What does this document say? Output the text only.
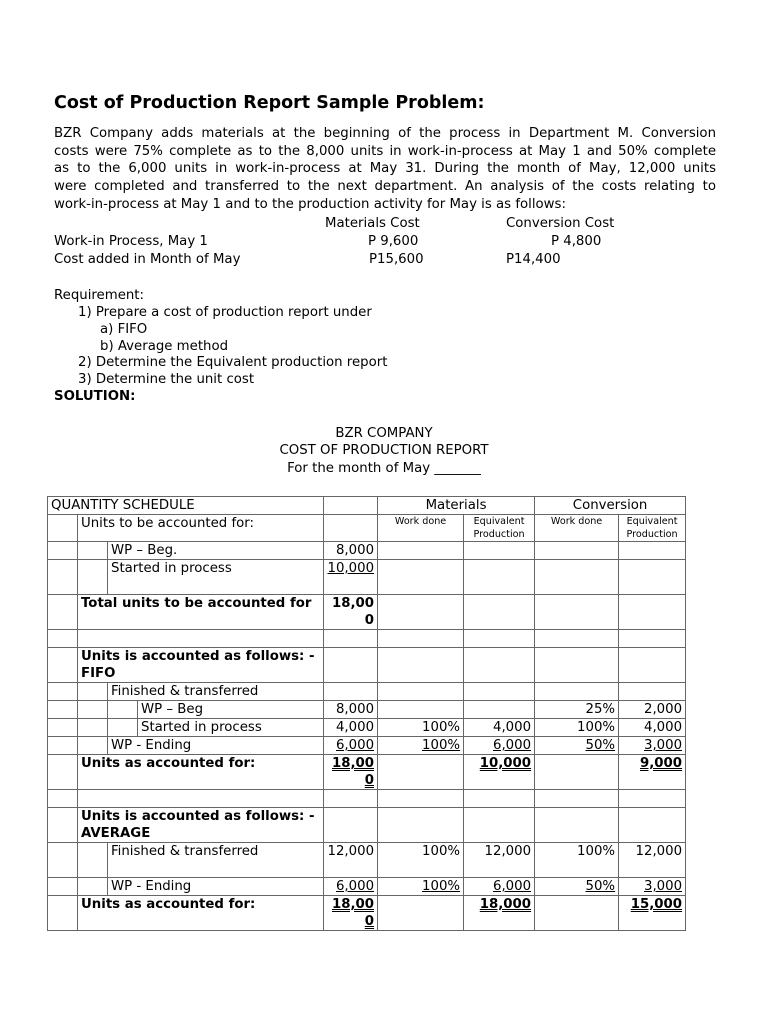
Cost of Production Report Sample Problem:
BZR Company adds materials at the beginning of the process in Department M. Conversion
costs were 75% complete as to the 8,000 units in work-in-process at May 1 and 50% complete
as to the 6,000 units in work-in-process at May 31. During the month of May, 12,000 units
were completed and transferred to the next department. An analysis of the costs relating to
work-in-process at May 1 and to the production activity for May is as follows:
Materials Cost	Conversion Cost
Work-in Process, May 1	P 9,600	P 4,800
Cost added in Month of May	P15,600	P14,400
Requirement:
1) Prepare a cost of production report under
a) FIFO
b) Average method
2) Determine the Equivalent production report
3) Determine the unit cost
SOLUTION:
BZR COMPANY
COST OF PRODUCTION REPORT
For the month of May _______
QUANTITY SCHEDULE					Materials		Conversion	
	Units to be accounted for:				Work done	Equivalent Production	Work done	Equivalent Production
		WP – Beg.		8,000				
		Started in process		10,000				
	Total units to be accounted for			18,000				

	Units is accounted as follows: - FIFO							
		Finished & transferred						
			WP – Beg	8,000			25%	2,000
			Started in process	4,000	100%	4,000	100%	4,000
		WP - Ending		6,000	100%	6,000	50%	3,000
	Units as accounted for:			18,000		10,000		9,000

	Units is accounted as follows: - AVERAGE							
		Finished & transferred		12,000	100%	12,000	100%	12,000
		WP - Ending		6,000	100%	6,000	50%	3,000
	Units as accounted for:			18,000		18,000		15,000
